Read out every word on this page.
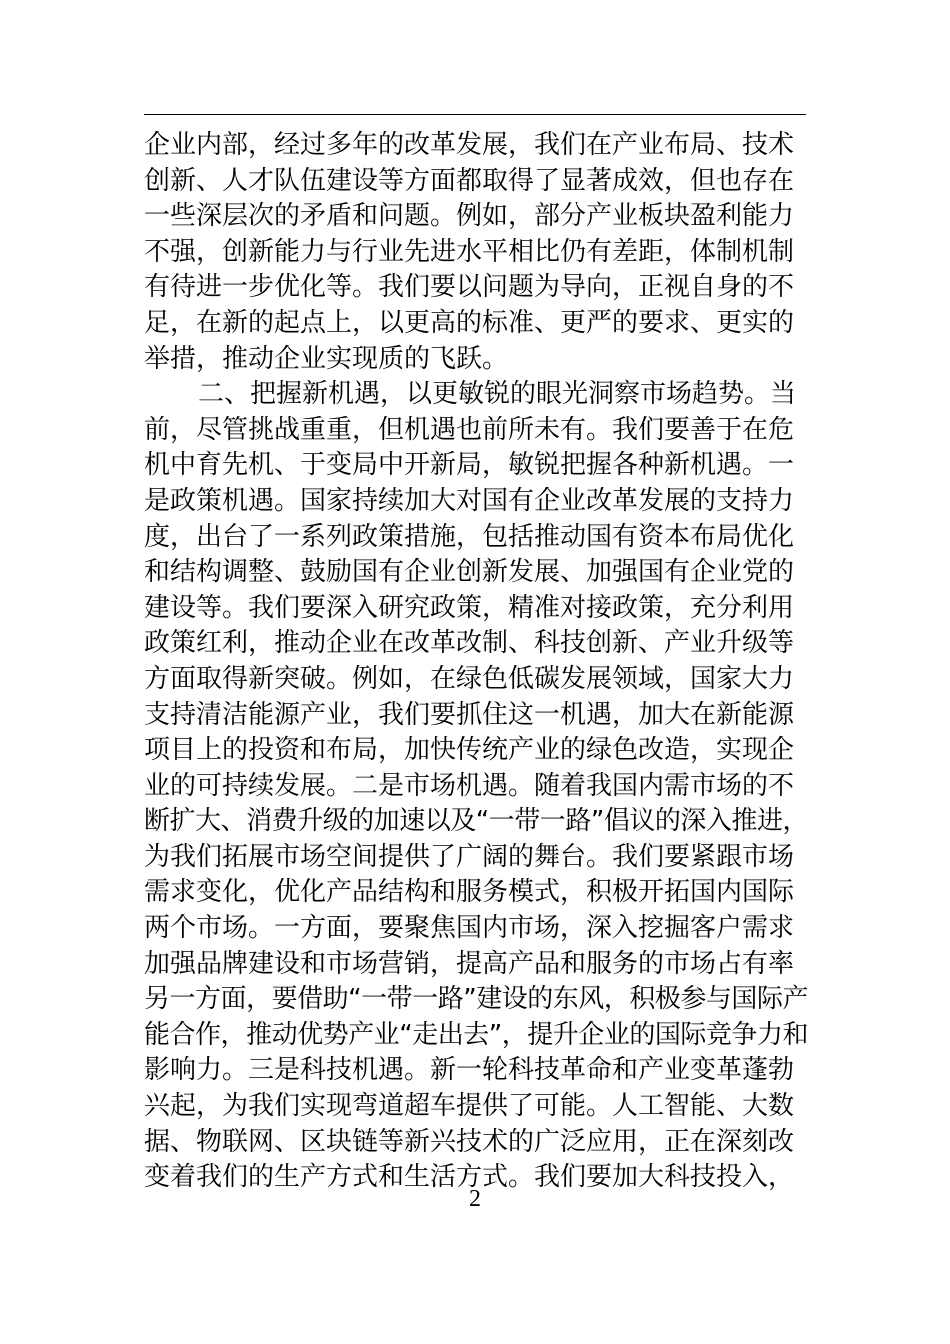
企业内部，经过多年的改革发展，我们在产业布局、技术
创新、人才队伍建设等方面都取得了显著成效，但也存在
一些深层次的矛盾和问题。例如，部分产业板块盈利能力
不强，创新能力与行业先进水平相比仍有差距，体制机制
有待进一步优化等。我们要以问题为导向，正视自身的不
足，在新的起点上，以更高的标准、更严的要求、更实的
举措，推动企业实现质的飞跃。
二、把握新机遇，以更敏锐的眼光洞察市场趋势。当
前，尽管挑战重重，但机遇也前所未有。我们要善于在危
机中育先机、于变局中开新局，敏锐把握各种新机遇。一
是政策机遇。国家持续加大对国有企业改革发展的支持力
度，出台了一系列政策措施，包括推动国有资本布局优化
和结构调整、鼓励国有企业创新发展、加强国有企业党的
建设等。我们要深入研究政策，精准对接政策，充分利用
政策红利，推动企业在改革改制、科技创新、产业升级等
方面取得新突破。例如，在绿色低碳发展领域，国家大力
支持清洁能源产业，我们要抓住这一机遇，加大在新能源
项目上的投资和布局，加快传统产业的绿色改造，实现企
业的可持续发展。二是市场机遇。随着我国内需市场的不
断扩大、消费升级的加速以及“一带一路”倡议的深入推进，
为我们拓展市场空间提供了广阔的舞台。我们要紧跟市场
需求变化，优化产品结构和服务模式，积极开拓国内国际
两个市场。一方面，要聚焦国内市场，深入挖掘客户需求
加强品牌建设和市场营销，提高产品和服务的市场占有率
另一方面，要借助“一带一路”建设的东风，积极参与国际产
能合作，推动优势产业“走出去”，提升企业的国际竞争力和
影响力。三是科技机遇。新一轮科技革命和产业变革蓬勃
兴起，为我们实现弯道超车提供了可能。人工智能、大数
据、物联网、区块链等新兴技术的广泛应用，正在深刻改
变着我们的生产方式和生活方式。我们要加大科技投入，
2
